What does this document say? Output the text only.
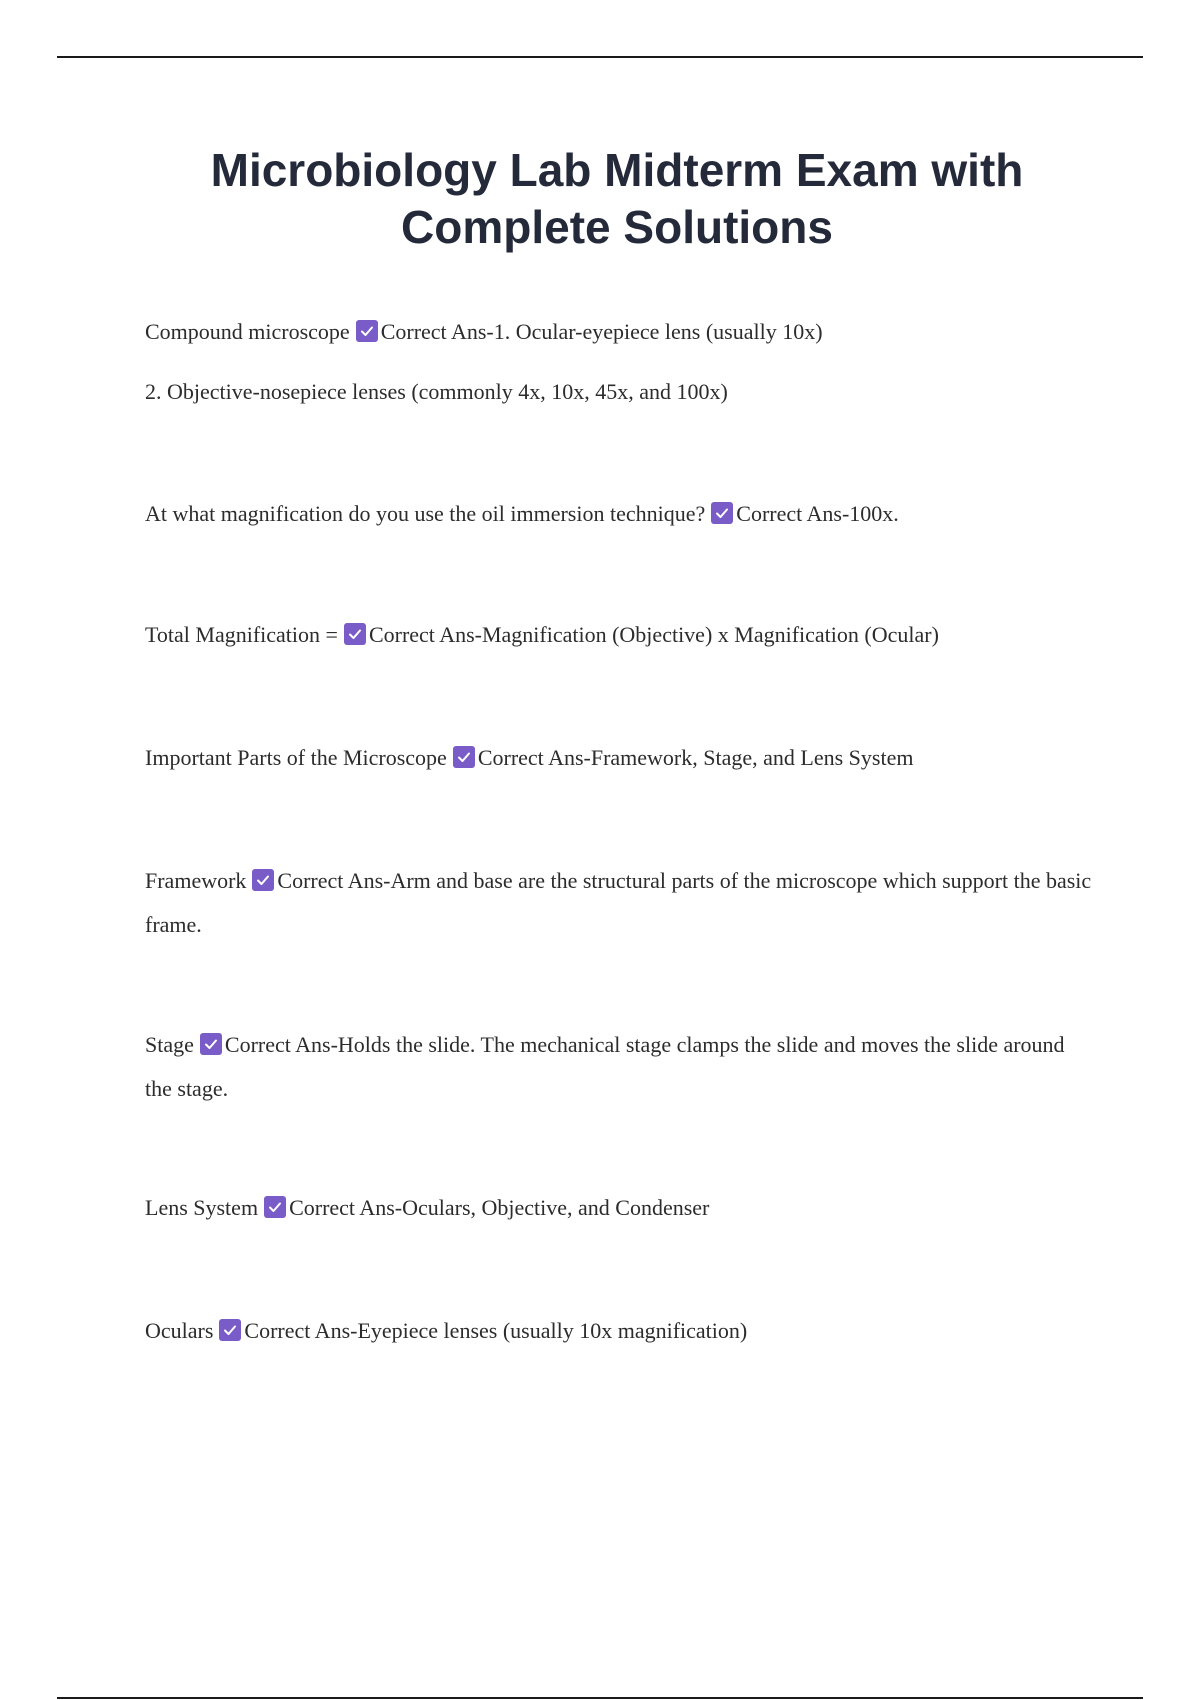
Microbiology Lab Midterm Exam with
Complete Solutions
Compound microscope Correct Ans-1. Ocular-eyepiece lens (usually 10x)
2. Objective-nosepiece lenses (commonly 4x, 10x, 45x, and 100x)
At what magnification do you use the oil immersion technique? Correct Ans-100x.
Total Magnification = Correct Ans-Magnification (Objective) x Magnification (Ocular)
Important Parts of the Microscope Correct Ans-Framework, Stage, and Lens System
Framework Correct Ans-Arm and base are the structural parts of the microscope which support the basic frame.
Stage Correct Ans-Holds the slide. The mechanical stage clamps the slide and moves the slide around the stage.
Lens System Correct Ans-Oculars, Objective, and Condenser
Oculars Correct Ans-Eyepiece lenses (usually 10x magnification)
